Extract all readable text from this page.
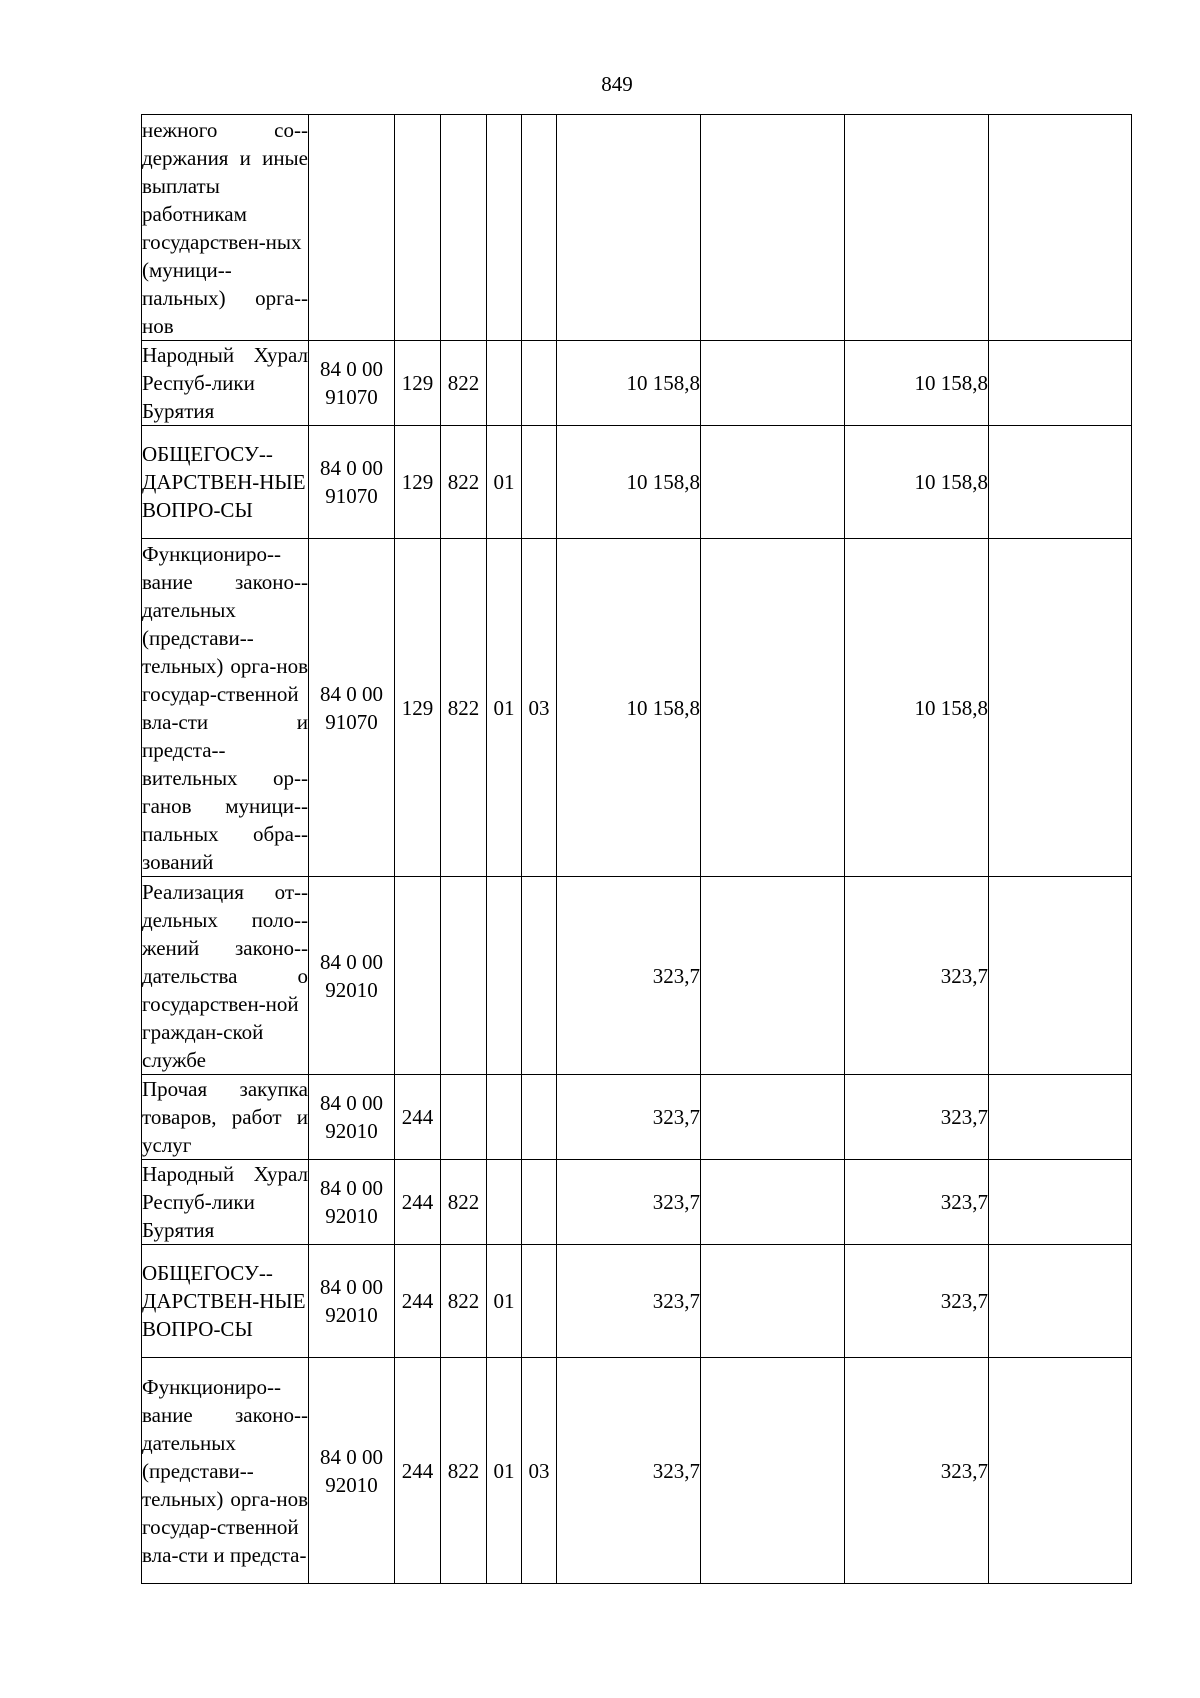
849
нежного со-держания и иные выплаты работникам государствен-ных (муници-пальных) орга-нов									
Народный Хурал Респуб-лики Бурятия	84 0 00 91070	129	822			10 158,8		10 158,8	
ОБЩЕГОСУ-ДАРСТВЕН-НЫЕ ВОПРО-СЫ	84 0 00 91070	129	822	01		10 158,8		10 158,8	
Функциониро-вание законо-дательных (представи-тельных) орга-нов государ-ственной вла-сти и предста-вительных ор-ганов муници-пальных обра-зований	84 0 00 91070	129	822	01	03	10 158,8		10 158,8	
Реализация от-дельных поло-жений законо-дательства о государствен-ной граждан-ской службе	84 0 00 92010					323,7		323,7	
Прочая закупка товаров, работ и услуг	84 0 00 92010	244				323,7		323,7	
Народный Хурал Респуб-лики Бурятия	84 0 00 92010	244	822			323,7		323,7	
ОБЩЕГОСУ-ДАРСТВЕН-НЫЕ ВОПРО-СЫ	84 0 00 92010	244	822	01		323,7		323,7	
Функциониро-вание законо-дательных (представи-тельных) орга-нов государ-ственной вла-сти и предста-	84 0 00 92010	244	822	01	03	323,7		323,7	
